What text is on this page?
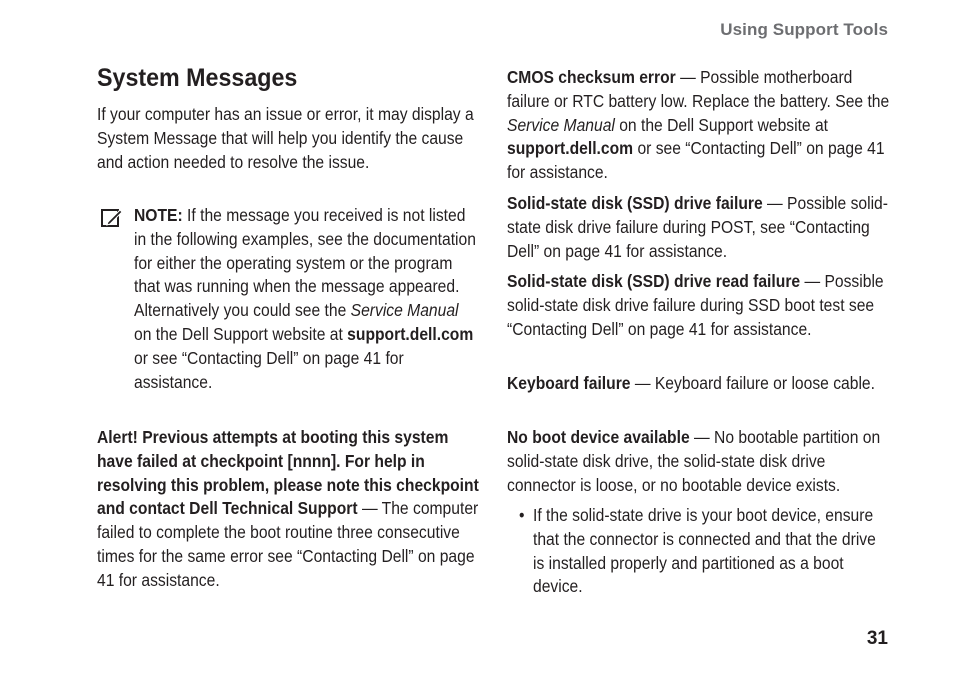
Using Support Tools
System Messages

If your computer has an issue or error, it may display a System Message that will help you identify the cause and action needed to resolve the issue.

NOTE: If the message you received is not listed in the following examples, see the documentation for either the operating system or the program that was running when the message appeared. Alternatively you could see the Service Manual on the Dell Support website at support.dell.com or see “Contacting Dell” on page 41 for assistance.

Alert! Previous attempts at booting this system have failed at checkpoint [nnnn]. For help in resolving this problem, please note this checkpoint and contact Dell Technical Support — The computer failed to complete the boot routine three consecutive times for the same error see “Contacting Dell” on page 41 for assistance.

CMOS checksum error — Possible motherboard failure or RTC battery low. Replace the battery. See the Service Manual on the Dell Support website at support.dell.com or see “Contacting Dell” on page 41 for assistance.

Solid-state disk (SSD) drive failure — Possible solid-state disk drive failure during POST, see “Contacting Dell” on page 41 for assistance.

Solid-state disk (SSD) drive read failure — Possible solid-state disk drive failure during SSD boot test see “Contacting Dell” on page 41 for assistance.

Keyboard failure — Keyboard failure or loose cable.

No boot device available — No bootable partition on solid-state disk drive, the solid-state disk drive connector is loose, or no bootable device exists.

• If the solid-state drive is your boot device, ensure that the connector is connected and that the drive is installed properly and partitioned as a boot device.

31
